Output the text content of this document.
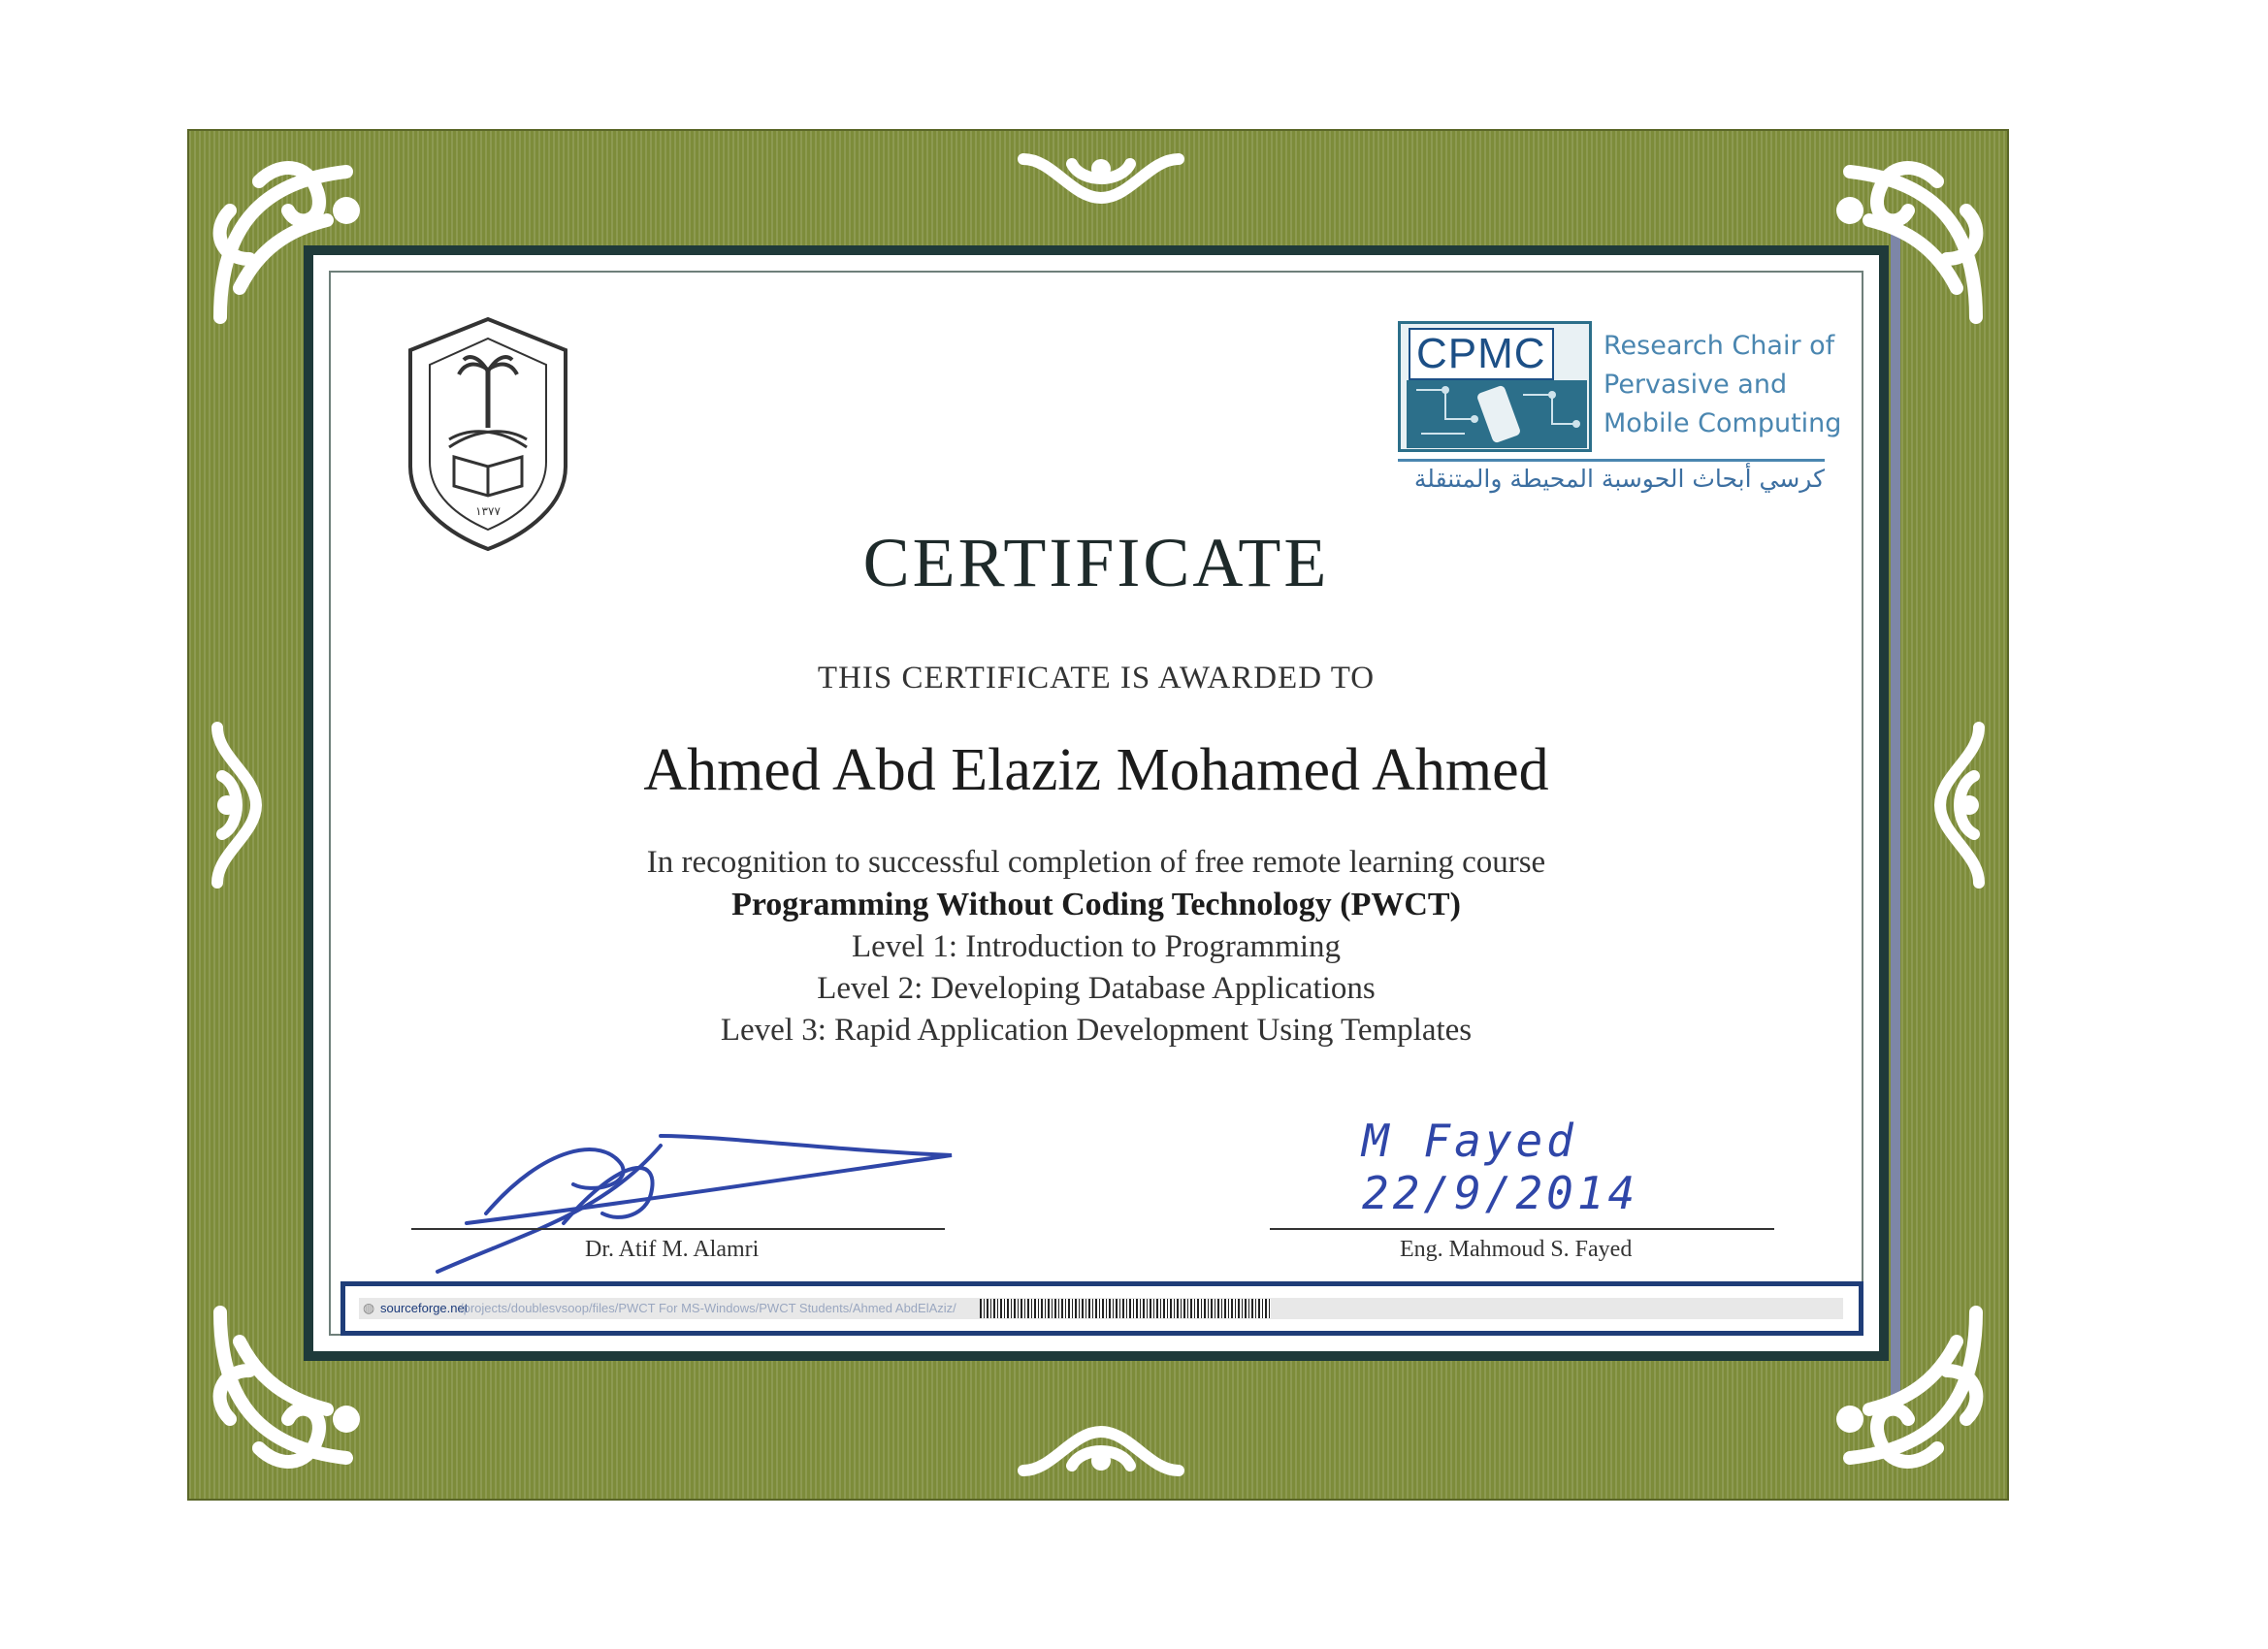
١٣٧٧
CPMC Research Chair of
Pervasive and
Mobile Computing
كرسي أبحاث الحوسبة المحيطة والمتنقلة
CERTIFICATE
THIS CERTIFICATE IS AWARDED TO
Ahmed Abd Elaziz Mohamed Ahmed
In recognition to successful completion of free remote learning course
Programming Without Coding Technology (PWCT)
Level 1: Introduction to Programming
Level 2: Developing Database Applications
Level 3: Rapid Application Development Using Templates
Dr. Atif M. Alamri
M Fayed
22/9/2014
Eng. Mahmoud S. Fayed
◍ sourceforge.net
/projects/doublesvsoop/files/PWCT For MS-Windows/PWCT Students/Ahmed AbdElAziz/
